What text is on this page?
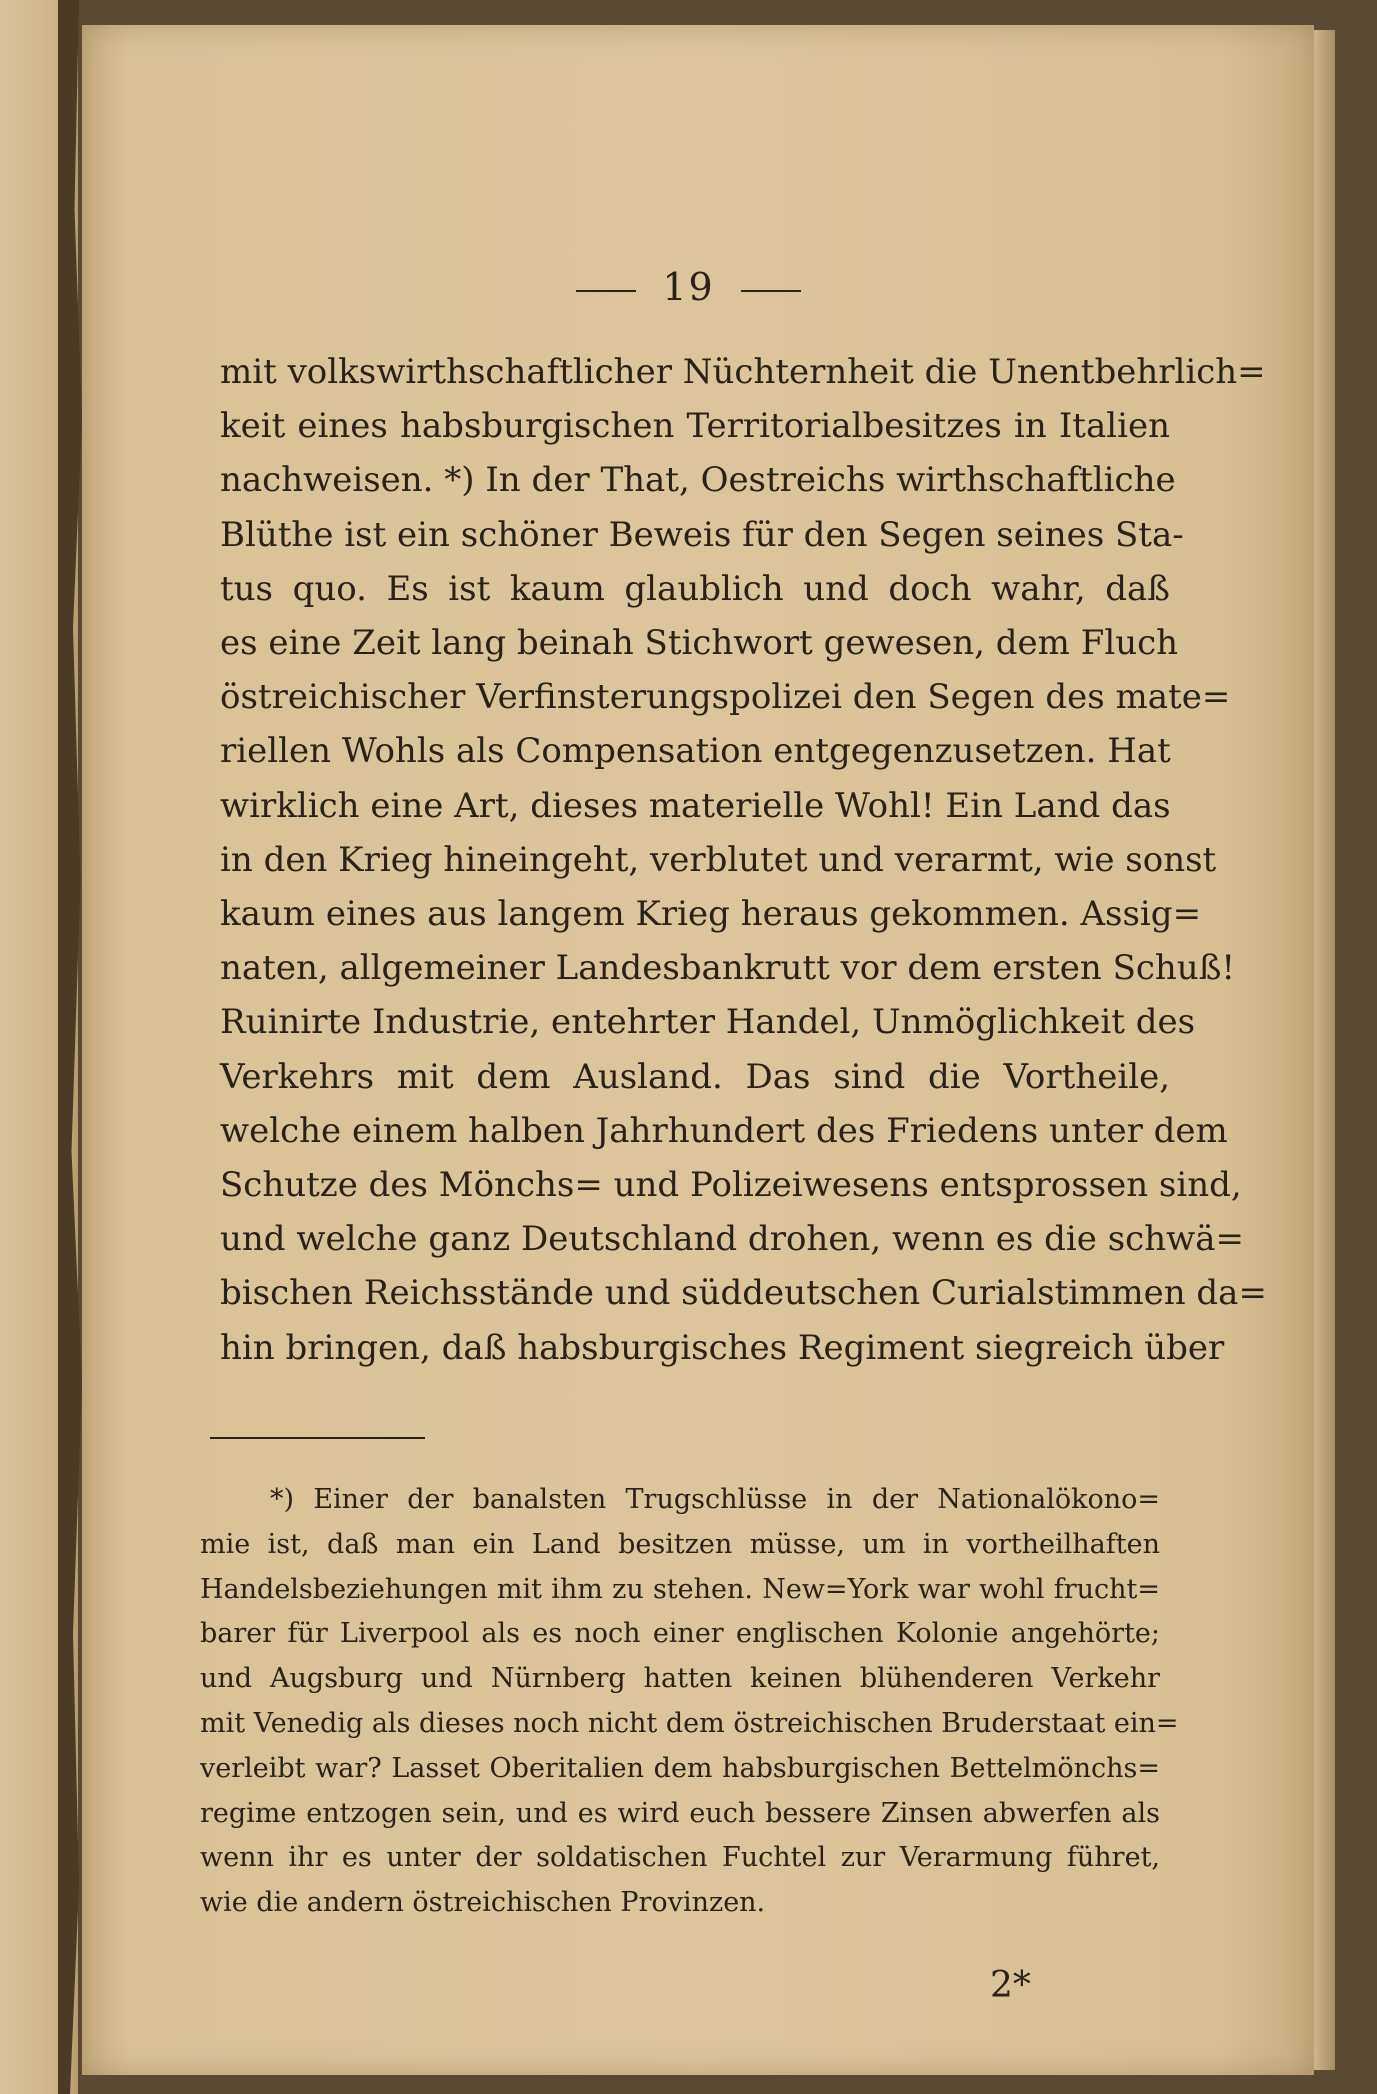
19
mit volkswirthschaftlicher Nüchternheit die Unentbehrlich=
keit eines habsburgischen Territorialbesitzes in Italien
nachweisen. *) In der That, Oestreichs wirthschaftliche
Blüthe ist ein schöner Beweis für den Segen seines Sta-
tus quo. Es ist kaum glaublich und doch wahr, daß
es eine Zeit lang beinah Stichwort gewesen, dem Fluch
östreichischer Verfinsterungspolizei den Segen des mate=
riellen Wohls als Compensation entgegenzusetzen. Hat
wirklich eine Art, dieses materielle Wohl! Ein Land das
in den Krieg hineingeht, verblutet und verarmt, wie sonst
kaum eines aus langem Krieg heraus gekommen. Assig=
naten, allgemeiner Landesbankrutt vor dem ersten Schuß!
Ruinirte Industrie, entehrter Handel, Unmöglichkeit des
Verkehrs mit dem Ausland. Das sind die Vortheile,
welche einem halben Jahrhundert des Friedens unter dem
Schutze des Mönchs= und Polizeiwesens entsprossen sind,
und welche ganz Deutschland drohen, wenn es die schwä=
bischen Reichsstände und süddeutschen Curialstimmen da=
hin bringen, daß habsburgisches Regiment siegreich über
*) Einer der banalsten Trugschlüsse in der Nationalökono=
mie ist, daß man ein Land besitzen müsse, um in vortheilhaften
Handelsbeziehungen mit ihm zu stehen. New=York war wohl frucht=
barer für Liverpool als es noch einer englischen Kolonie angehörte;
und Augsburg und Nürnberg hatten keinen blühenderen Verkehr
mit Venedig als dieses noch nicht dem östreichischen Bruderstaat ein=
verleibt war? Lasset Oberitalien dem habsburgischen Bettelmönchs=
regime entzogen sein, und es wird euch bessere Zinsen abwerfen als
wenn ihr es unter der soldatischen Fuchtel zur Verarmung führet,
wie die andern östreichischen Provinzen.
2*
